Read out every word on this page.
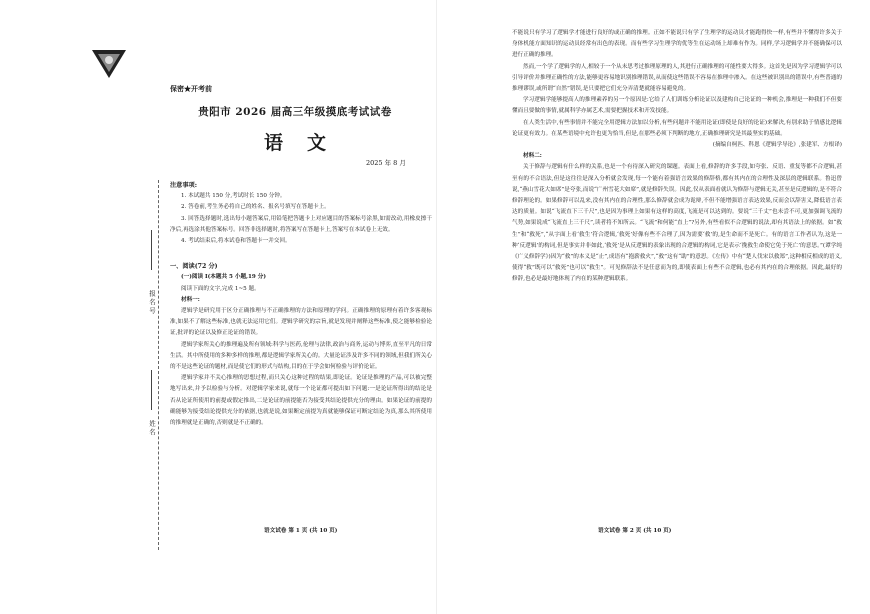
保密★开考前
贵阳市 2026 届高三年级摸底考试试卷
语文
2025 年 8 月
报名号
姓名

注意事项:

1. 本试题共 150 分,考试时长 150 分钟。

2. 答卷前,考生务必将自己的姓名、报名号填写在答题卡上。

3. 回答选择题时,选出每小题答案后,用铅笔把答题卡上对应题目的答案标号涂黑,如需改动,用橡皮擦干净后,再选涂其他答案标号。回答非选择题时,将答案写在答题卡上,答案写在本试卷上无效。

4. 考试结束后,将本试卷和答题卡一并交回。

一、阅读(72 分)

(一)阅读 I(本题共 5 小题,19 分)

阅读下面的文字,完成 1~5 题。

材料一:

逻辑学是研究用于区分正确推理与不正确推理的方法和原理的学问。正确推理的原理有着许多客观标准,如果不了解这些标准,也就无法运用它们。逻辑学研究的宗旨,就是发现并阐释这些标准,使之能够检验论证,批评的论证以及修正论证的错误。

逻辑学家所关心的推理遍及所有领域:科学与医药,伦理与法律,政治与商务,运动与博弈,直至平凡的日常生活。其中所使用的多种多样的推理,都是逻辑学家所关心的。大量论证涉及许多不同的领域,但我们所关心的不是这些论证的题材,而是使它们的形式与结构,目的在于学会如何检验与评价论证。

逻辑学家并不关心推理的思想过程,而只关心这种过程的结果,即论证。论证是推理的产品,可以被完整地写出来,并予以检验与分析。对逻辑学家来说,就每一个论证都可提出如下问题:一是论证所得出的结论是否从论证所使用的前提或假定推出,二是论证的前提能否为接受其结论提供充分的理由。如果论证的前提的确能够为接受结论提供充分的依据,也就是说,如果断定前提为真就能够保证可断定结论为真,那么其所使用的推理就是正确的,否则就是不正确的。

语文试卷 第 1 页 (共 10 页)

不能说只有学习了逻辑学才能进行良好的或正确的推理。正如不能说只有学了生理学的运动员才能跑得快一样,有些并不懂得许多关于身体机能方面知识的运动员经常有出色的表现。而有些学习生理学的优等生在运动场上却难有作为。同样,学习逻辑学并不能确保可以进行正确的推理。

然而,一个学了逻辑学的人,相较于一个从未思考过推理原理的人,其进行正确推理的可能性要大得多。这首先是因为学习逻辑学可以引导评价并推理正确性的方法,能够更容易地识别推理错误,从而使这些错误不容易在推理中渗入。在这些被识别出的错误中,有些普通的推理谬误,或所谓“自然”错误,是只要把它们充分弄清楚就能容易避免的。

学习逻辑学能够提高人的推理素养的另一个原因是:它给了人们训练分析论证以及建构自己论证的一种机会,推理是一种我们不但要懂而且要做的事情,就属科学亦属艺术,需要把握技术和开发技能。

在人类生活中,有些事情并不能完全用逻辑方法加以分析,有些问题并不能用论证(即使是良好的论证)来解决,有别求助于情感比逻辑论证更有效力。在某些语境中允许也更为恰当,但是,在那些必须下判断的地方,正确推理研究是其最坚实的基础。

(摘编自柯匹、科恩《逻辑学导论》,张建军、方根译)

材料二:

关于修辞与逻辑有什么样的关系,也是一个有待深入研究的课题。表面上看,修辞的许多手段,如夸张、反语、重复等都不合逻辑,甚至有的不合语法,但是这往往是深入分析就会发现,每一个能有着强语言效果的修辞格,都有其内在的合理性及深层的逻辑联系。鲁迅曾说,“燕山雪花大如席”是夸张,而说“广州雪花大如席”,就是修辞失误。因此,仅从表面看就认为修辞与逻辑无关,甚至是反逻辑的,是不符合修辞理论的。如果修辞可以乱来,没有其内在的合理性,那么修辞就会成为诡辩,不但不能增强语言表达效果,反而会以辞害义,降低语言表达的质量。如说“飞流直下三千尺”,也是因为事理上如果有这样的高度,飞流是可以达到的。要说“三千丈”也未尝不可,更加强调飞流的气势,如果说成“飞流直上三千尺”,读者将不知所云。“飞流”和何能“直上”?另外,有些看似不合逻辑的说法,却有其语法上的依据。如“救生”和“救死”,“从字面上看‘救生’符合逻辑,‘救死’好像有些不合理了,因为需要‘救’的,是生命而不是死亡。有的语言工作者认为,这是一种‘反逻辑’的构词,但是事实并非如此,‘救死’是从反逻辑的表象出现的合逻辑的构词,它是表示‘挽救生命使它免于死亡’的意思。”(谭学纯《广义修辞学》)因为“救”的本义是“止”,成语有“抱薪救火”,“救”这有“助”的意思。《左传》中有“楚人伐宋以救郑”,这种相反相成的语义,使得“救”既可以“救死”也可以“救生”。可见修辞法不是任意而为的,即使表面上有些不合逻辑,也必有其内在的合理依据。因此,最好的修辞,也必是最好地体现了内在的某种逻辑联系。

语文试卷 第 2 页 (共 10 页)
